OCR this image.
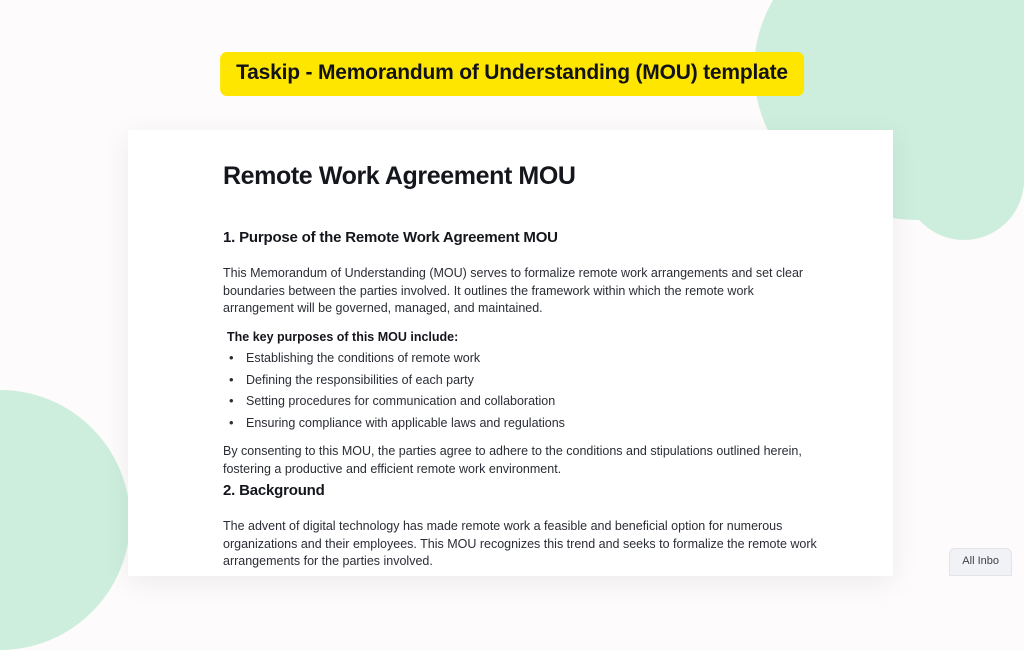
Taskip - Memorandum of Understanding (MOU) template
Remote Work Agreement MOU
1. Purpose of the Remote Work Agreement MOU

This Memorandum of Understanding (MOU) serves to formalize remote work arrangements and set clear boundaries between the parties involved. It outlines the framework within which the remote work arrangement will be governed, managed, and maintained.

The key purposes of this MOU include:

• Establishing the conditions of remote work
• Defining the responsibilities of each party
• Setting procedures for communication and collaboration
• Ensuring compliance with applicable laws and regulations

By consenting to this MOU, the parties agree to adhere to the conditions and stipulations outlined herein, fostering a productive and efficient remote work environment.

2. Background

The advent of digital technology has made remote work a feasible and beneficial option for numerous organizations and their employees. This MOU recognizes this trend and seeks to formalize the remote work arrangements for the parties involved.	All Inbo
